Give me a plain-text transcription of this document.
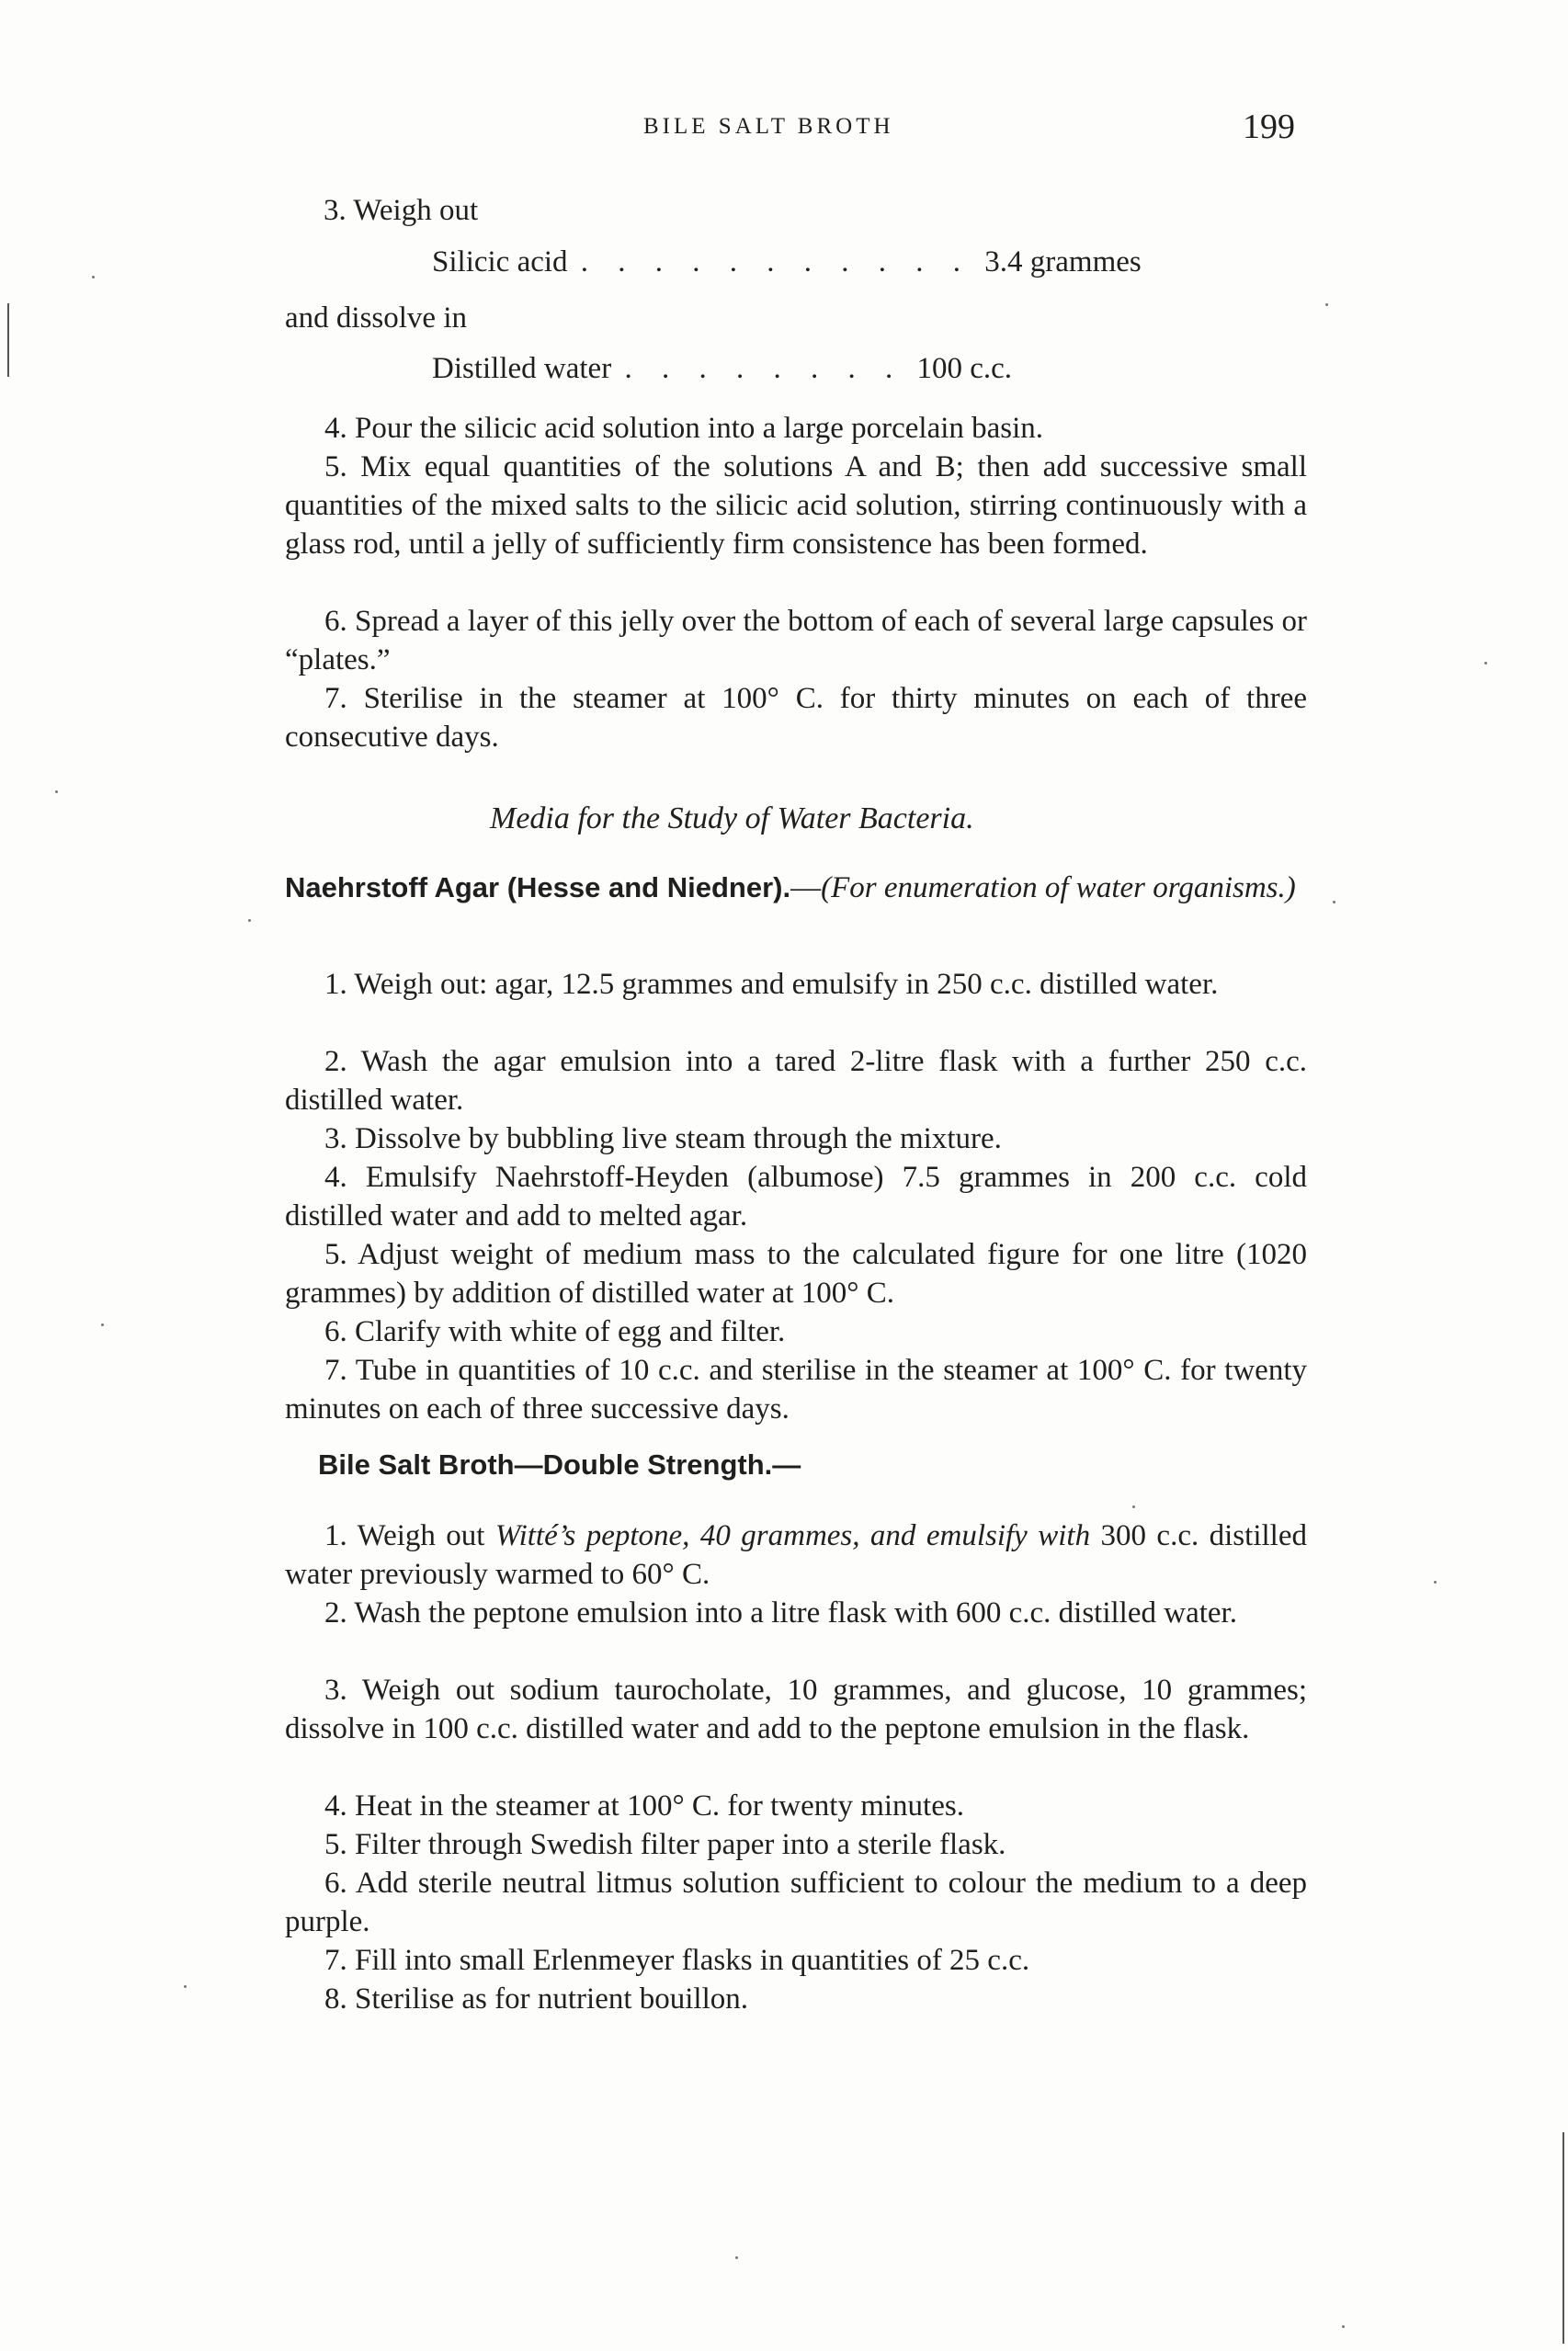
BILE SALT BROTH	199
3. Weigh out
Silicic acid . . . . . . . . . . . 3.4 grammes
and dissolve in
Distilled water . . . . . . . . 100 c.c.
4. Pour the silicic acid solution into a large porcelain basin.
5. Mix equal quantities of the solutions A and B; then add successive small quantities of the mixed salts to the silicic acid solution, stirring continuously with a glass rod, until a jelly of sufficiently firm consistence has been formed.
6. Spread a layer of this jelly over the bottom of each of several large capsules or “plates.”
7. Sterilise in the steamer at 100° C. for thirty minutes on each of three consecutive days.
Media for the Study of Water Bacteria.
Naehrstoff Agar (Hesse and Niedner).—(For enumeration of water organisms.)
1. Weigh out: agar, 12.5 grammes and emulsify in 250 c.c. distilled water.
2. Wash the agar emulsion into a tared 2-litre flask with a further 250 c.c. distilled water.
3. Dissolve by bubbling live steam through the mixture.
4. Emulsify Naehrstoff-Heyden (albumose) 7.5 grammes in 200 c.c. cold distilled water and add to melted agar.
5. Adjust weight of medium mass to the calculated figure for one litre (1020 grammes) by addition of distilled water at 100° C.
6. Clarify with white of egg and filter.
7. Tube in quantities of 10 c.c. and sterilise in the steamer at 100° C. for twenty minutes on each of three successive days.
Bile Salt Broth—Double Strength.—
1. Weigh out Witté’s peptone, 40 grammes, and emulsify with 300 c.c. distilled water previously warmed to 60° C.
2. Wash the peptone emulsion into a litre flask with 600 c.c. distilled water.
3. Weigh out sodium taurocholate, 10 grammes, and glucose, 10 grammes; dissolve in 100 c.c. distilled water and add to the peptone emulsion in the flask.
4. Heat in the steamer at 100° C. for twenty minutes.
5. Filter through Swedish filter paper into a sterile flask.
6. Add sterile neutral litmus solution sufficient to colour the medium to a deep purple.
7. Fill into small Erlenmeyer flasks in quantities of 25 c.c.
8. Sterilise as for nutrient bouillon.
